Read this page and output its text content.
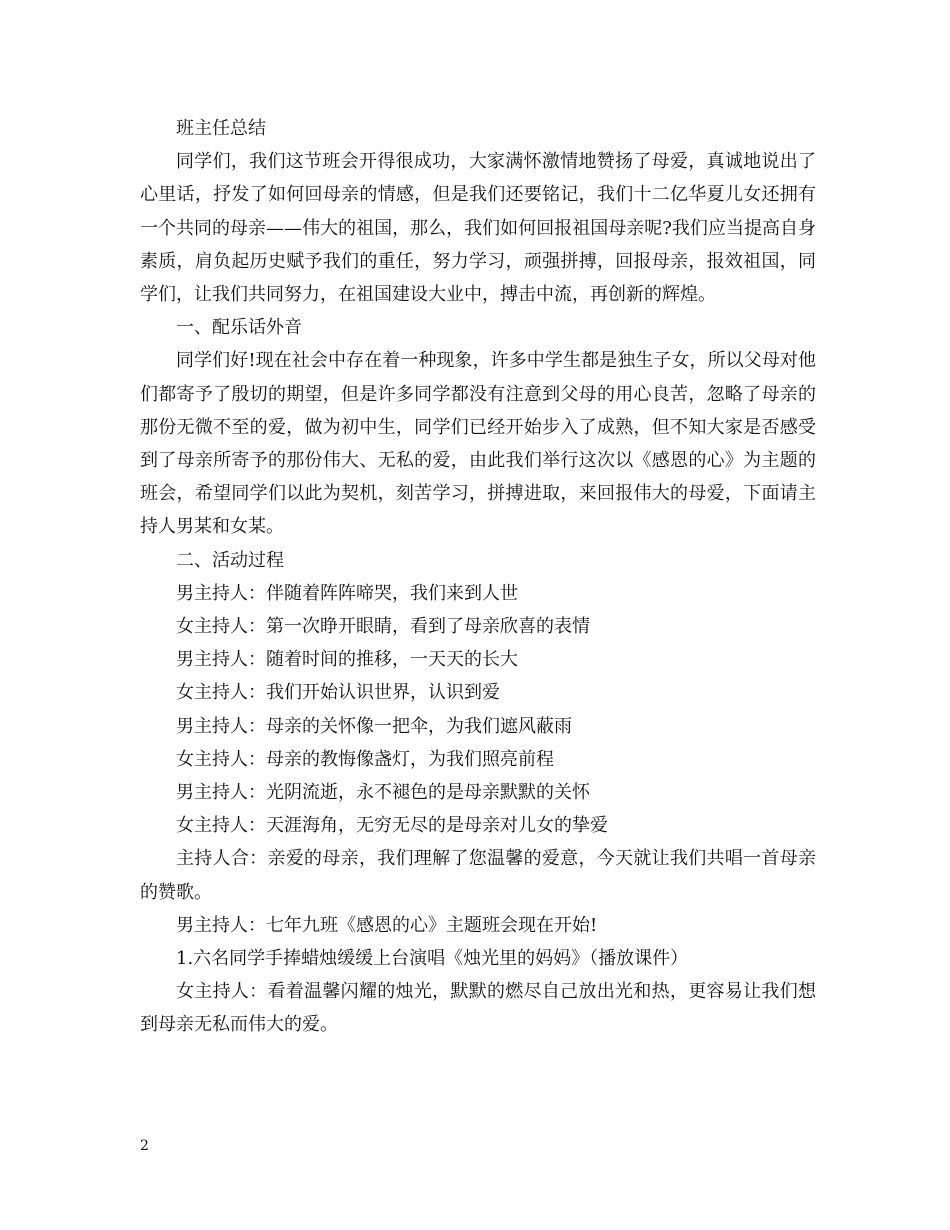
班主任总结

同学们，我们这节班会开得很成功，大家满怀激情地赞扬了母爱，真诚地说出了心里话，抒发了如何回母亲的情感，但是我们还要铭记，我们十二亿华夏儿女还拥有一个共同的母亲——伟大的祖国，那么，我们如何回报祖国母亲呢?我们应当提高自身素质，肩负起历史赋予我们的重任，努力学习，顽强拼搏，回报母亲，报效祖国，同学们，让我们共同努力，在祖国建设大业中，搏击中流，再创新的辉煌。

一、配乐话外音

同学们好!现在社会中存在着一种现象，许多中学生都是独生子女，所以父母对他们都寄予了殷切的期望，但是许多同学都没有注意到父母的用心良苦，忽略了母亲的那份无微不至的爱，做为初中生，同学们已经开始步入了成熟，但不知大家是否感受到了母亲所寄予的那份伟大、无私的爱，由此我们举行这次以《感恩的心》为主题的班会，希望同学们以此为契机，刻苦学习，拼搏进取，来回报伟大的母爱，下面请主持人男某和女某。

二、活动过程

男主持人：伴随着阵阵啼哭，我们来到人世

女主持人：第一次睁开眼睛，看到了母亲欣喜的表情

男主持人：随着时间的推移，一天天的长大

女主持人：我们开始认识世界，认识到爱

男主持人：母亲的关怀像一把伞，为我们遮风蔽雨

女主持人：母亲的教悔像盏灯，为我们照亮前程

男主持人：光阴流逝，永不褪色的是母亲默默的关怀

女主持人：天涯海角，无穷无尽的是母亲对儿女的挚爱

主持人合：亲爱的母亲，我们理解了您温馨的爱意，今天就让我们共唱一首母亲的赞歌。

男主持人：七年九班《感恩的心》主题班会现在开始!

1.六名同学手捧蜡烛缓缓上台演唱《烛光里的妈妈》（播放课件）

女主持人：看着温馨闪耀的烛光，默默的燃尽自己放出光和热，更容易让我们想到母亲无私而伟大的爱。

2
